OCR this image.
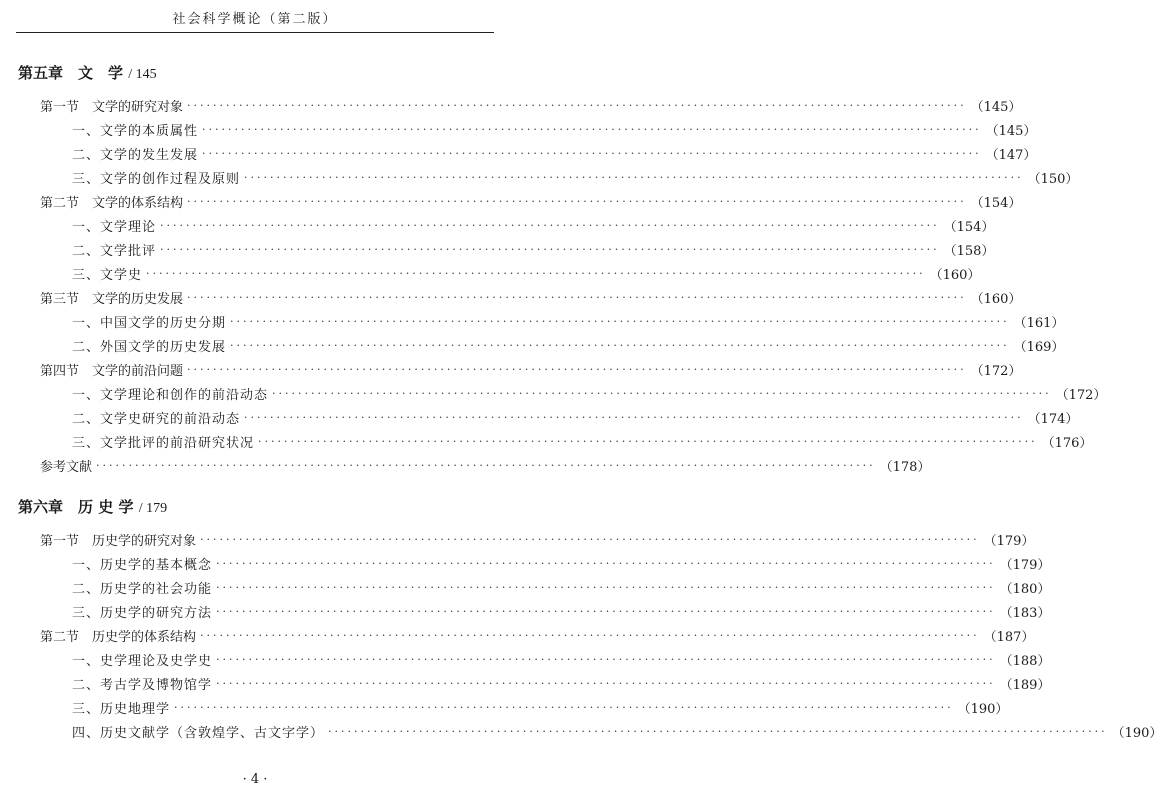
社会科学概论（第二版）
第五章　文　学 / 145
第一节　文学的研究对象 ························································································································ （145）
一、文学的本质属性 ························································································································ （145）
二、文学的发生发展 ························································································································ （147）
三、文学的创作过程及原则 ························································································································ （150）
第二节　文学的体系结构 ························································································································ （154）
一、文学理论 ························································································································ （154）
二、文学批评 ························································································································ （158）
三、文学史 ························································································································ （160）
第三节　文学的历史发展 ························································································································ （160）
一、中国文学的历史分期 ························································································································ （161）
二、外国文学的历史发展 ························································································································ （169）
第四节　文学的前沿问题 ························································································································ （172）
一、文学理论和创作的前沿动态 ························································································································ （172）
二、文学史研究的前沿动态 ························································································································ （174）
三、文学批评的前沿研究状况 ························································································································ （176）
参考文献 ························································································································ （178）
第六章　历 史 学 / 179
第一节　历史学的研究对象 ························································································································ （179）
一、历史学的基本概念 ························································································································ （179）
二、历史学的社会功能 ························································································································ （180）
三、历史学的研究方法 ························································································································ （183）
第二节　历史学的体系结构 ························································································································ （187）
一、史学理论及史学史 ························································································································ （188）
二、考古学及博物馆学 ························································································································ （189）
三、历史地理学 ························································································································ （190）
四、历史文献学（含敦煌学、古文字学） ························································································································ （190）
· 4 ·
